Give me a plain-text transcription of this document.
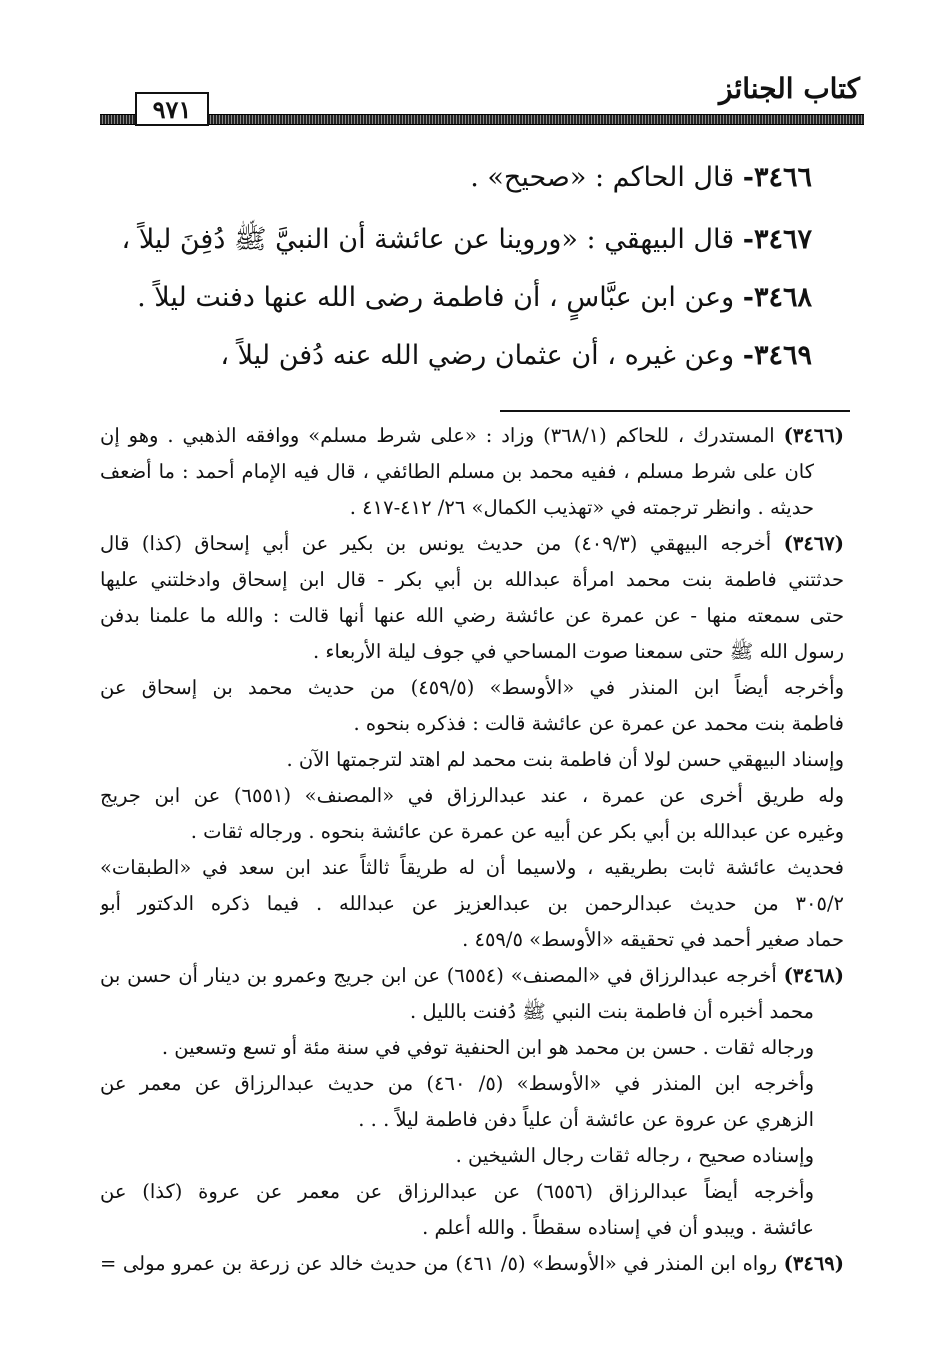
كتاب الجنائز
٩٧١
٣٤٦٦- قال الحاكم : «صحيح» .
٣٤٦٧- قال البيهقي : «وروينا عن عائشة أن النبيَّ ﷺ دُفِنَ ليلاً ،
٣٤٦٨- وعن ابن عبَّاسٍ ، أن فاطمة رضى الله عنها دفنت ليلاً .
٣٤٦٩- وعن غيره ، أن عثمان رضي الله عنه دُفن ليلاً ،
(٣٤٦٦) المستدرك ، للحاكم (٣٦٨/١) وزاد : «على شرط مسلم» ووافقه الذهبي . وهو إن
كان على شرط مسلم ، ففيه محمد بن مسلم الطائفي ، قال فيه الإمام أحمد : ما أضعف
حديثه . وانظر ترجمته في «تهذيب الكمال» ٢٦/ ٤١٢-٤١٧ .
(٣٤٦٧) أخرجه البيهقي (٤٠٩/٣) من حديث يونس بن بكير عن أبي إسحاق (كذا) قال
حدثتني فاطمة بنت محمد امرأة عبدالله بن أبي بكر - قال ابن إسحاق وادخلتني عليها
حتى سمعته منها - عن عمرة عن عائشة رضي الله عنها أنها قالت : والله ما علمنا بدفن
رسول الله ﷺ حتى سمعنا صوت المساحي في جوف ليلة الأربعاء .
وأخرجه أيضاً ابن المنذر في «الأوسط» (٤٥٩/٥) من حديث محمد بن إسحاق عن
فاطمة بنت محمد عن عمرة عن عائشة قالت : فذكره بنحوه .
وإسناد البيهقي حسن لولا أن فاطمة بنت محمد لم اهتد لترجمتها الآن .
وله طريق أخرى عن عمرة ، عند عبدالرزاق في «المصنف» (٦٥٥١) عن ابن جريج
وغيره عن عبدالله بن أبي بكر عن أبيه عن عمرة عن عائشة بنحوه . ورجاله ثقات .
فحديث عائشة ثابت بطريقيه ، ولاسيما أن له طريقاً ثالثاً عند ابن سعد في «الطبقات»
٣٠٥/٢ من حديث عبدالرحمن بن عبدالعزيز عن عبدالله . فيما ذكره الدكتور أبو
حماد صغير أحمد في تحقيقه «الأوسط» ٤٥٩/٥ .
(٣٤٦٨) أخرجه عبدالرزاق في «المصنف» (٦٥٥٤) عن ابن جريج وعمرو بن دينار أن حسن بن
محمد أخبره أن فاطمة بنت النبي ﷺ دُفنت بالليل .
ورجاله ثقات . حسن بن محمد هو ابن الحنفية توفي في سنة مئة أو تسع وتسعين .
وأخرجه ابن المنذر في «الأوسط» (٥/ ٤٦٠) من حديث عبدالرزاق عن معمر عن
الزهري عن عروة عن عائشة أن علياً دفن فاطمة ليلاً . . .
وإسناده صحيح ، رجاله ثقات رجال الشيخين .
وأخرجه أيضاً عبدالرزاق (٦٥٥٦) عن عبدالرزاق عن معمر عن عروة (كذا) عن
عائشة . ويبدو أن في إسناده سقطاً . والله أعلم .
(٣٤٦٩) رواه ابن المنذر في «الأوسط» (٥/ ٤٦١) من حديث خالد عن زرعة بن عمرو مولى =
